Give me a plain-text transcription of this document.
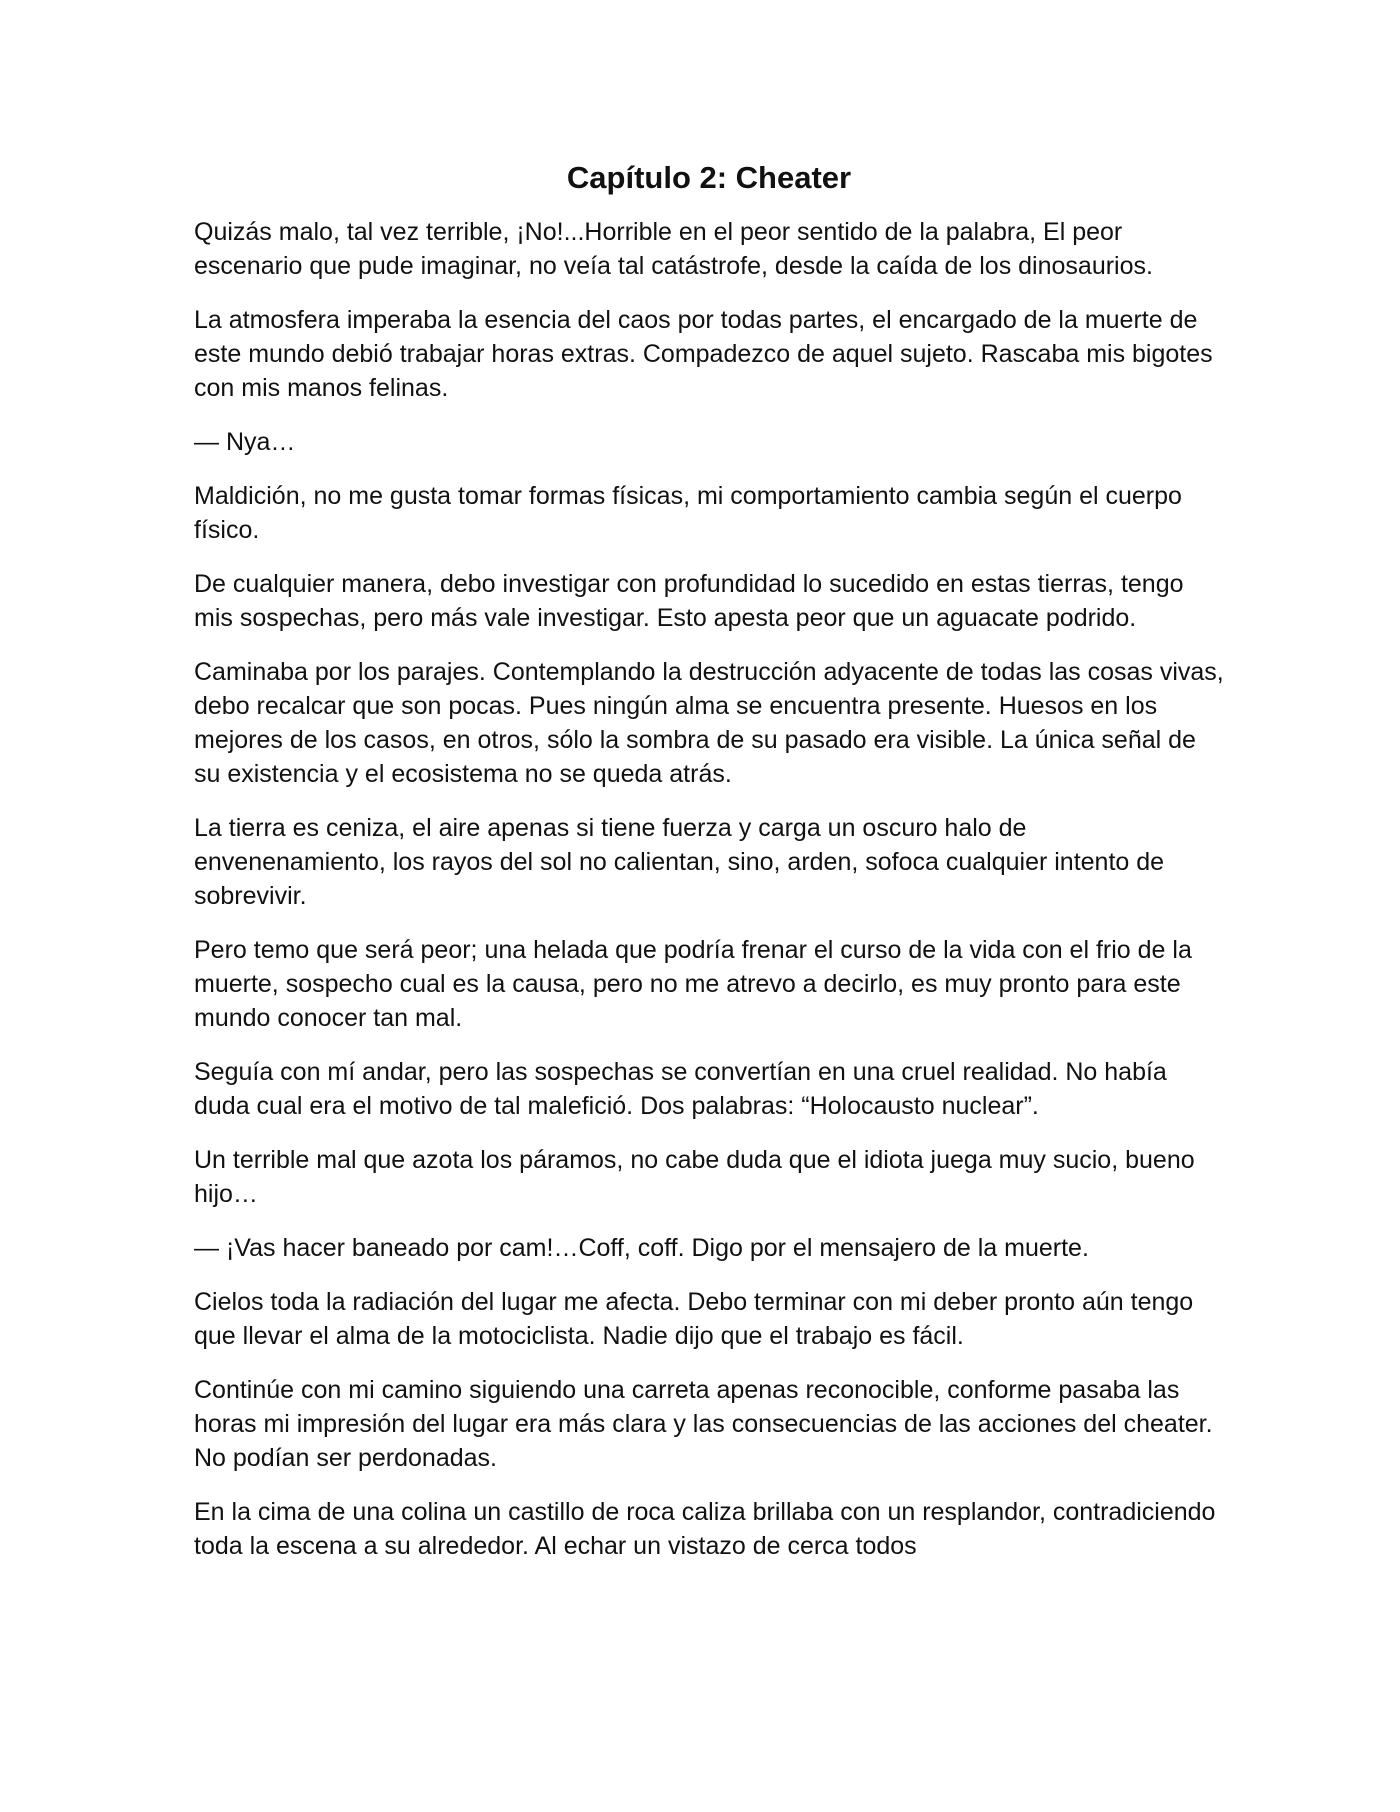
Capítulo 2: Cheater

Quizás malo, tal vez terrible, ¡No!...Horrible en el peor sentido de la palabra, El peor escenario que pude imaginar, no veía tal catástrofe, desde la caída de los dinosaurios.

La atmosfera imperaba la esencia del caos por todas partes, el encargado de la muerte de este mundo debió trabajar horas extras. Compadezco de aquel sujeto. Rascaba mis bigotes con mis manos felinas.

— Nya…

Maldición, no me gusta tomar formas físicas, mi comportamiento cambia según el cuerpo físico.

De cualquier manera, debo investigar con profundidad lo sucedido en estas tierras, tengo mis sospechas, pero más vale investigar. Esto apesta peor que un aguacate podrido.

Caminaba por los parajes. Contemplando la destrucción adyacente de todas las cosas vivas, debo recalcar que son pocas. Pues ningún alma se encuentra presente. Huesos en los mejores de los casos, en otros, sólo la sombra de su pasado era visible. La única señal de su existencia y el ecosistema no se queda atrás.

La tierra es ceniza, el aire apenas si tiene fuerza y carga un oscuro halo de envenenamiento, los rayos del sol no calientan, sino, arden, sofoca cualquier intento de sobrevivir.

Pero temo que será peor; una helada que podría frenar el curso de la vida con el frio de la muerte, sospecho cual es la causa, pero no me atrevo a decirlo, es muy pronto para este mundo conocer tan mal.

Seguía con mí andar, pero las sospechas se convertían en una cruel realidad. No había duda cual era el motivo de tal malefició. Dos palabras: “Holocausto nuclear”.

Un terrible mal que azota los páramos, no cabe duda que el idiota juega muy sucio, bueno hijo…

— ¡Vas hacer baneado por cam!…Coff, coff. Digo por el mensajero de la muerte.

Cielos toda la radiación del lugar me afecta. Debo terminar con mi deber pronto aún tengo que llevar el alma de la motociclista. Nadie dijo que el trabajo es fácil.

Continúe con mi camino siguiendo una carreta apenas reconocible, conforme pasaba las horas mi impresión del lugar era más clara y las consecuencias de las acciones del cheater. No podían ser perdonadas.

En la cima de una colina un castillo de roca caliza brillaba con un resplandor, contradiciendo toda la escena a su alrededor. Al echar un vistazo de cerca todos
